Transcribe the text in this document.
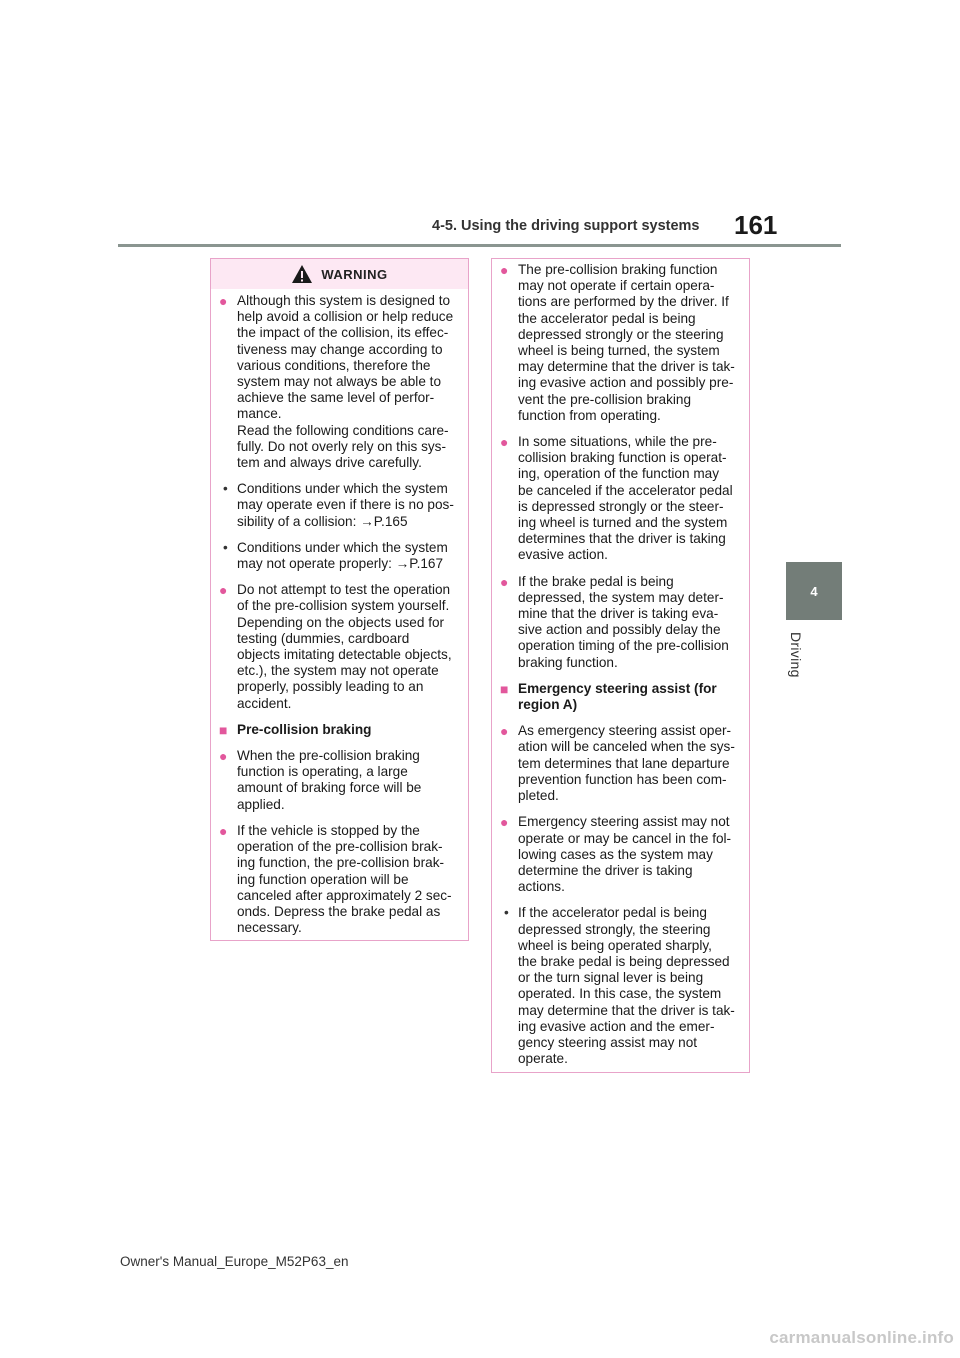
4-5. Using the driving support systems 161
4
Driving
WARNING
● Although this system is designed to
help avoid a collision or help reduce
the impact of the collision, its effec-
tiveness may change according to
various conditions, therefore the
system may not always be able to
achieve the same level of perfor-
mance.
Read the following conditions care-
fully. Do not overly rely on this sys-
tem and always drive carefully.
• Conditions under which the system
may operate even if there is no pos-
sibility of a collision: →P.165
• Conditions under which the system
may not operate properly: →P.167
● Do not attempt to test the operation
of the pre-collision system yourself.
Depending on the objects used for
testing (dummies, cardboard
objects imitating detectable objects,
etc.), the system may not operate
properly, possibly leading to an
accident.
■ Pre-collision braking
● When the pre-collision braking
function is operating, a large
amount of braking force will be
applied.
● If the vehicle is stopped by the
operation of the pre-collision brak-
ing function, the pre-collision brak-
ing function operation will be
canceled after approximately 2 sec-
onds. Depress the brake pedal as
necessary.
● The pre-collision braking function
may not operate if certain opera-
tions are performed by the driver. If
the accelerator pedal is being
depressed strongly or the steering
wheel is being turned, the system
may determine that the driver is tak-
ing evasive action and possibly pre-
vent the pre-collision braking
function from operating.
● In some situations, while the pre-
collision braking function is operat-
ing, operation of the function may
be canceled if the accelerator pedal
is depressed strongly or the steer-
ing wheel is turned and the system
determines that the driver is taking
evasive action.
● If the brake pedal is being
depressed, the system may deter-
mine that the driver is taking eva-
sive action and possibly delay the
operation timing of the pre-collision
braking function.
■ Emergency steering assist (for
region A)
● As emergency steering assist oper-
ation will be canceled when the sys-
tem determines that lane departure
prevention function has been com-
pleted.
● Emergency steering assist may not
operate or may be cancel in the fol-
lowing cases as the system may
determine the driver is taking
actions.
• If the accelerator pedal is being
depressed strongly, the steering
wheel is being operated sharply,
the brake pedal is being depressed
or the turn signal lever is being
operated. In this case, the system
may determine that the driver is tak-
ing evasive action and the emer-
gency steering assist may not
operate.
Owner's Manual_Europe_M52P63_en
carmanualsonline.info
